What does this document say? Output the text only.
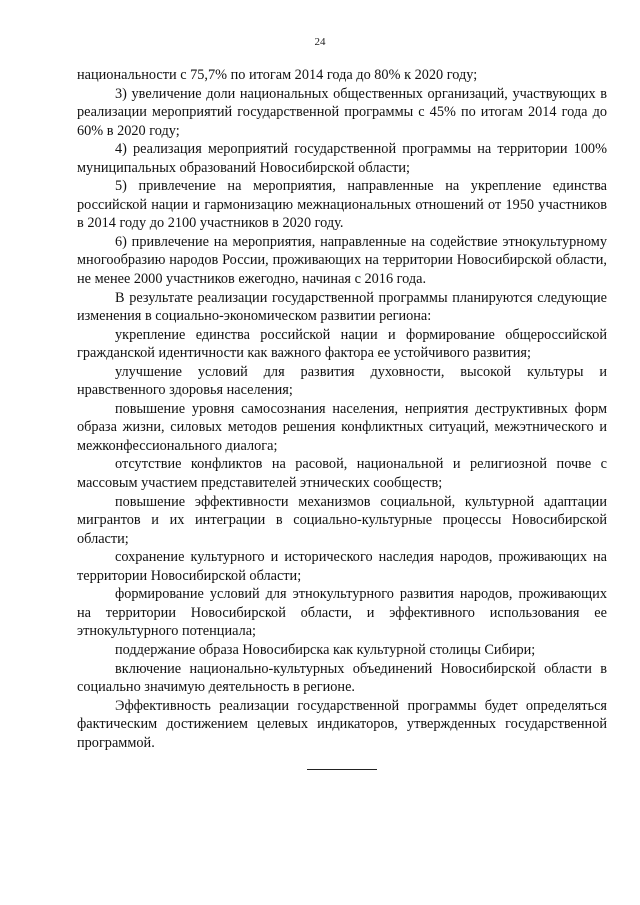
24

национальности с 75,7% по итогам 2014 года до 80% к 2020 году;

3) увеличение доли национальных общественных организаций, участвующих в реализации мероприятий государственной программы с 45% по итогам 2014 года до 60% в 2020 году;

4) реализация мероприятий государственной программы на территории 100% муниципальных образований Новосибирской области;

5) привлечение на мероприятия, направленные на укрепление единства российской нации и гармонизацию межнациональных отношений от 1950 участников в 2014 году до 2100 участников в 2020 году.

6) привлечение на мероприятия, направленные на содействие этнокультурному многообразию народов России, проживающих на территории Новосибирской области, не менее 2000 участников ежегодно, начиная с 2016 года.

В результате реализации государственной программы планируются следующие изменения в социально-экономическом развитии региона:

укрепление единства российской нации и формирование общероссийской гражданской идентичности как важного фактора ее устойчивого развития;

улучшение условий для развития духовности, высокой культуры и нравственного здоровья населения;

повышение уровня самосознания населения, неприятия деструктивных форм образа жизни, силовых методов решения конфликтных ситуаций, межэтнического и межконфессионального диалога;

отсутствие конфликтов на расовой, национальной и религиозной почве с массовым участием представителей этнических сообществ;

повышение эффективности механизмов социальной, культурной адаптации мигрантов и их интеграции в социально-культурные процессы Новосибирской области;

сохранение культурного и исторического наследия народов, проживающих на территории Новосибирской области;

формирование условий для этнокультурного развития народов, проживающих на территории Новосибирской области, и эффективного использования ее этнокультурного потенциала;

поддержание образа Новосибирска как культурной столицы Сибири;

включение национально-культурных объединений Новосибирской области в социально значимую деятельность в регионе.

Эффективность реализации государственной программы будет определяться фактическим достижением целевых индикаторов, утвержденных государственной программой.
